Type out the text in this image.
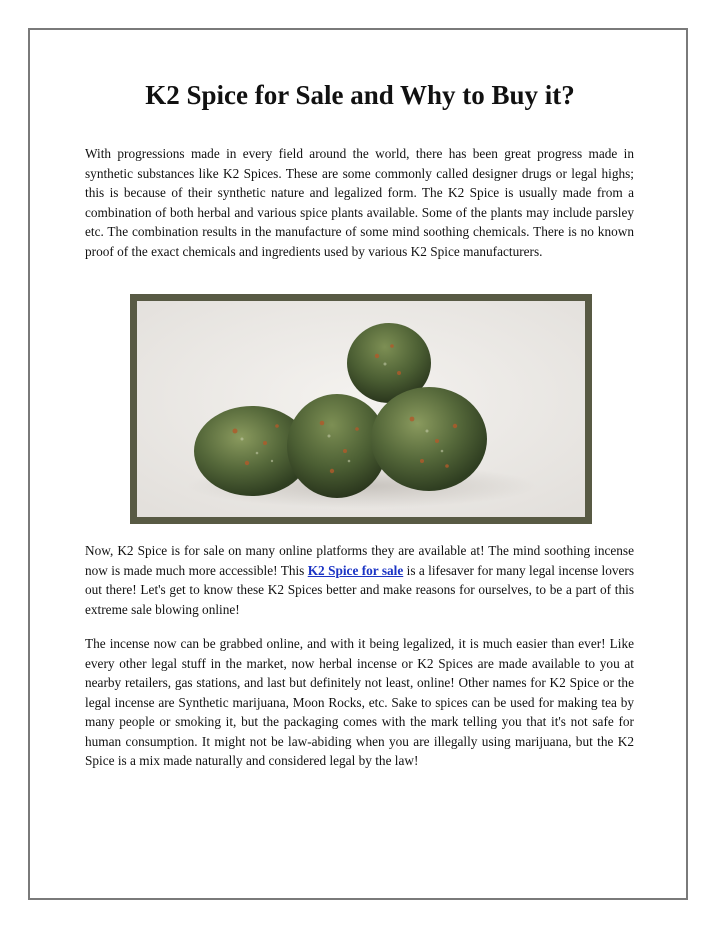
K2 Spice for Sale and Why to Buy it?

With progressions made in every field around the world, there has been great progress made in synthetic substances like K2 Spices. These are some commonly called designer drugs or legal highs; this is because of their synthetic nature and legalized form. The K2 Spice is usually made from a combination of both herbal and various spice plants available. Some of the plants may include parsley etc. The combination results in the manufacture of some mind soothing chemicals. There is no known proof of the exact chemicals and ingredients used by various K2 Spice manufacturers.

Now, K2 Spice is for sale on many online platforms they are available at! The mind soothing incense now is made much more accessible! This K2 Spice for sale is a lifesaver for many legal incense lovers out there! Let's get to know these K2 Spices better and make reasons for ourselves, to be a part of this extreme sale blowing online!

The incense now can be grabbed online, and with it being legalized, it is much easier than ever! Like every other legal stuff in the market, now herbal incense or K2 Spices are made available to you at nearby retailers, gas stations, and last but definitely not least, online! Other names for K2 Spice or the legal incense are Synthetic marijuana, Moon Rocks, etc. Sake to spices can be used for making tea by many people or smoking it, but the packaging comes with the mark telling you that it's not safe for human consumption. It might not be law-abiding when you are illegally using marijuana, but the K2 Spice is a mix made naturally and considered legal by the law!
